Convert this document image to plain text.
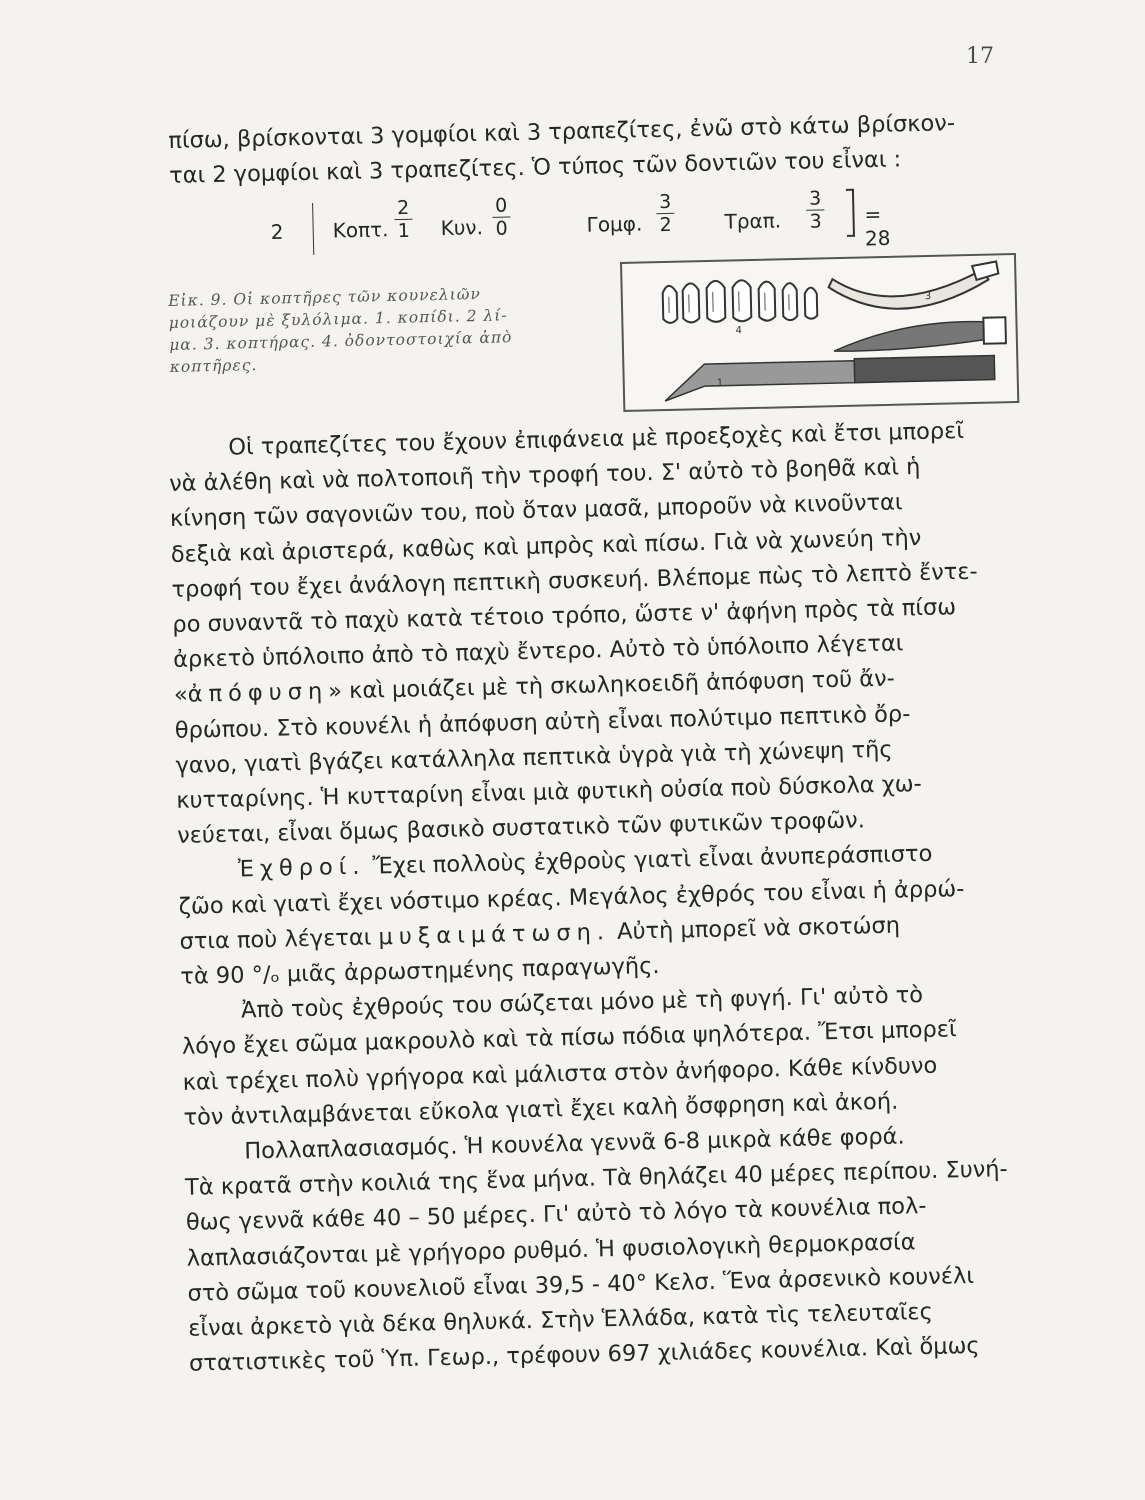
17
πίσω, βρίσκονται 3 γομφίοι καὶ 3 τραπεζίτες, ἐνῶ στὸ κάτω βρίσκον-
ται 2 γομφίοι καὶ 3 τραπεζίτες. Ὁ τύπος τῶν δοντιῶν του εἶναι :
2 Κοπτ. $\frac{2}{1} K\upsilon\nu$. $\frac{0}{0}$	Γομφ. $\frac{3}{2} T\rho\alpha\pi$. $\frac{3}{3} = 28$
Εἰκ. 9. Οἱ κοπτῆρες τῶν κουνελιῶν
μοιάζουν μὲ ξυλόλιμα. 1. κοπίδι. 2 λί-
μα. 3. κοπτήρας. 4. ὀδοντοστοιχία ἀπὸ
κοπτῆρες.
4
3
1
Οἱ τραπεζίτες του ἔχουν ἐπιφάνεια μὲ προεξοχὲς καὶ ἔτσι μπορεῖ
νὰ ἀλέθη καὶ νὰ πολτοποιῆ τὴν τροφή του. Σ' αὐτὸ τὸ βοηθᾶ καὶ ἡ
κίνηση τῶν σαγονιῶν του, ποὺ ὅταν μασᾶ, μποροῦν νὰ κινοῦνται
δεξιὰ καὶ ἀριστερά, καθὼς καὶ μπρὸς καὶ πίσω. Γιὰ νὰ χωνεύη τὴν
τροφή του ἔχει ἀνάλογη πεπτικὴ συσκευή. Βλέπομε πὼς τὸ λεπτὸ ἔντε-
ρο συναντᾶ τὸ παχὺ κατὰ τέτοιο τρόπο, ὥστε ν' ἀφήνη πρὸς τὰ πίσω
ἀρκετὸ ὑπόλοιπο ἀπὸ τὸ παχὺ ἔντερο. Αὐτὸ τὸ ὑπόλοιπο λέγεται
«ἀπόφυση» καὶ μοιάζει μὲ τὴ σκωληκοειδῆ ἀπόφυση τοῦ ἄν-
θρώπου. Στὸ κουνέλι ἡ ἀπόφυση αὐτὴ εἶναι πολύτιμο πεπτικὸ ὄρ-
γανο, γιατὶ βγάζει κατάλληλα πεπτικὰ ὑγρὰ γιὰ τὴ χώνεψη τῆς
κυτταρίνης. Ἡ κυτταρίνη εἶναι μιὰ φυτικὴ οὐσία ποὺ δύσκολα χω-
νεύεται, εἶναι ὅμως βασικὸ συστατικὸ τῶν φυτικῶν τροφῶν.
Ἐχθροί. Ἔχει πολλοὺς ἐχθροὺς γιατὶ εἶναι ἀνυπεράσπιστο
ζῶο καὶ γιατὶ ἔχει νόστιμο κρέας. Μεγάλος ἐχθρός του εἶναι ἡ ἀρρώ-
στια ποὺ λέγεται μυξαιμάτωση. Αὐτὴ μπορεῖ νὰ σκοτώση
τὰ 90 °/ₒ μιᾶς ἀρρωστημένης παραγωγῆς.
Ἀπὸ τοὺς ἐχθρούς του σώζεται μόνο μὲ τὴ φυγή. Γι' αὐτὸ τὸ
λόγο ἔχει σῶμα μακρουλὸ καὶ τὰ πίσω πόδια ψηλότερα. Ἔτσι μπορεῖ
καὶ τρέχει πολὺ γρήγορα καὶ μάλιστα στὸν ἀνήφορο. Κάθε κίνδυνο
τὸν ἀντιλαμβάνεται εὔκολα γιατὶ ἔχει καλὴ ὄσφρηση καὶ ἀκοή.
Πολλαπλασιασμός. Ἡ κουνέλα γεννᾶ 6-8 μικρὰ κάθε φορά.
Τὰ κρατᾶ στὴν κοιλιά της ἕνα μήνα. Τὰ θηλάζει 40 μέρες περίπου. Συνή-
θως γεννᾶ κάθε 40 – 50 μέρες. Γι' αὐτὸ τὸ λόγο τὰ κουνέλια πολ-
λαπλασιάζονται μὲ γρήγορο ρυθμό. Ἡ φυσιολογικὴ θερμοκρασία
στὸ σῶμα τοῦ κουνελιοῦ εἶναι 39,5 - 40° Κελσ. Ἕνα ἀρσενικὸ κουνέλι
εἶναι ἀρκετὸ γιὰ δέκα θηλυκά. Στὴν Ἑλλάδα, κατὰ τὶς τελευταῖες
στατιστικὲς τοῦ Ὑπ. Γεωρ., τρέφουν 697 χιλιάδες κουνέλια. Καὶ ὅμως
